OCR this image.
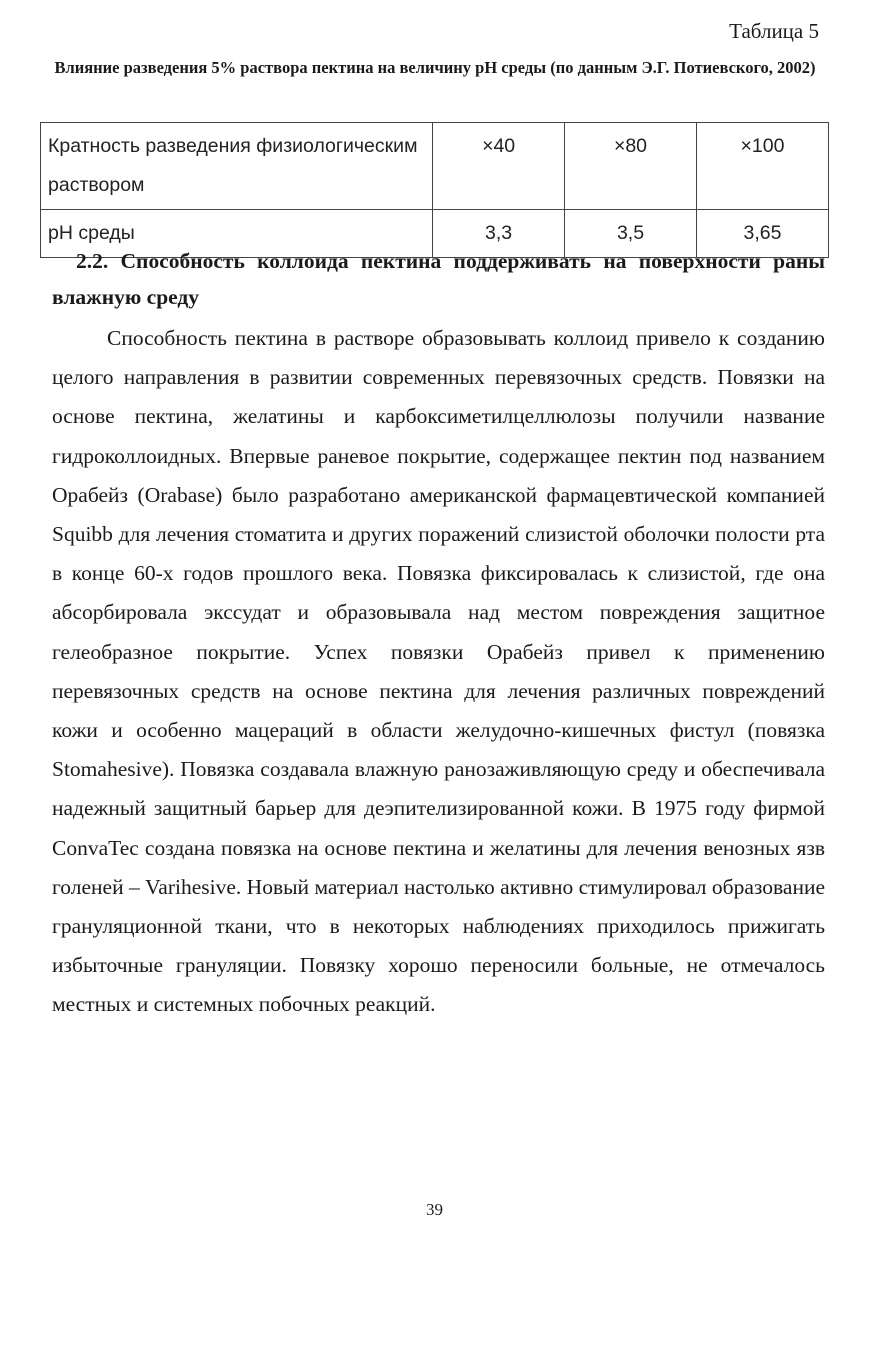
Таблица 5
Влияние разведения 5% раствора пектина на величину pH среды (по данным Э.Г. Потиевского, 2002)
Кратность разведения физиологическим раствором	×40	×80	×100
pH среды	3,3	3,5	3,65
2.2. Способность коллоида пектина поддерживать на поверхности раны влажную среду

Способность пектина в растворе образовывать коллоид привело к созданию целого направления в развитии современных перевязочных средств. Повязки на основе пектина, желатины и карбоксиметилцеллюлозы получили название гидроколлоидных. Впервые раневое покрытие, содержащее пектин под названием Орабейз (Orabase) было разработано американской фармацевтической компанией Squibb для лечения стоматита и других поражений слизистой оболочки полости рта в конце 60-х годов прошлого века. Повязка фиксировалась к слизистой, где она абсорбировала экссудат и образовывала над местом повреждения защитное гелеобразное покрытие. Успех повязки Орабейз привел к применению перевязочных средств на основе пектина для лечения различных повреждений кожи и особенно мацераций в области желудочно-кишечных фистул (повязка Stomahesive). Повязка создавала влажную ранозаживляющую среду и обеспечивала надежный защитный барьер для деэпителизированной кожи. В 1975 году фирмой ConvaTec создана повязка на основе пектина и желатины для лечения венозных язв голеней – Varihesive. Новый материал настолько активно стимулировал образование грануляционной ткани, что в некоторых наблюдениях приходилось прижигать избыточные грануляции. Повязку хорошо переносили больные, не отмечалось местных и системных побочных реакций.

39
